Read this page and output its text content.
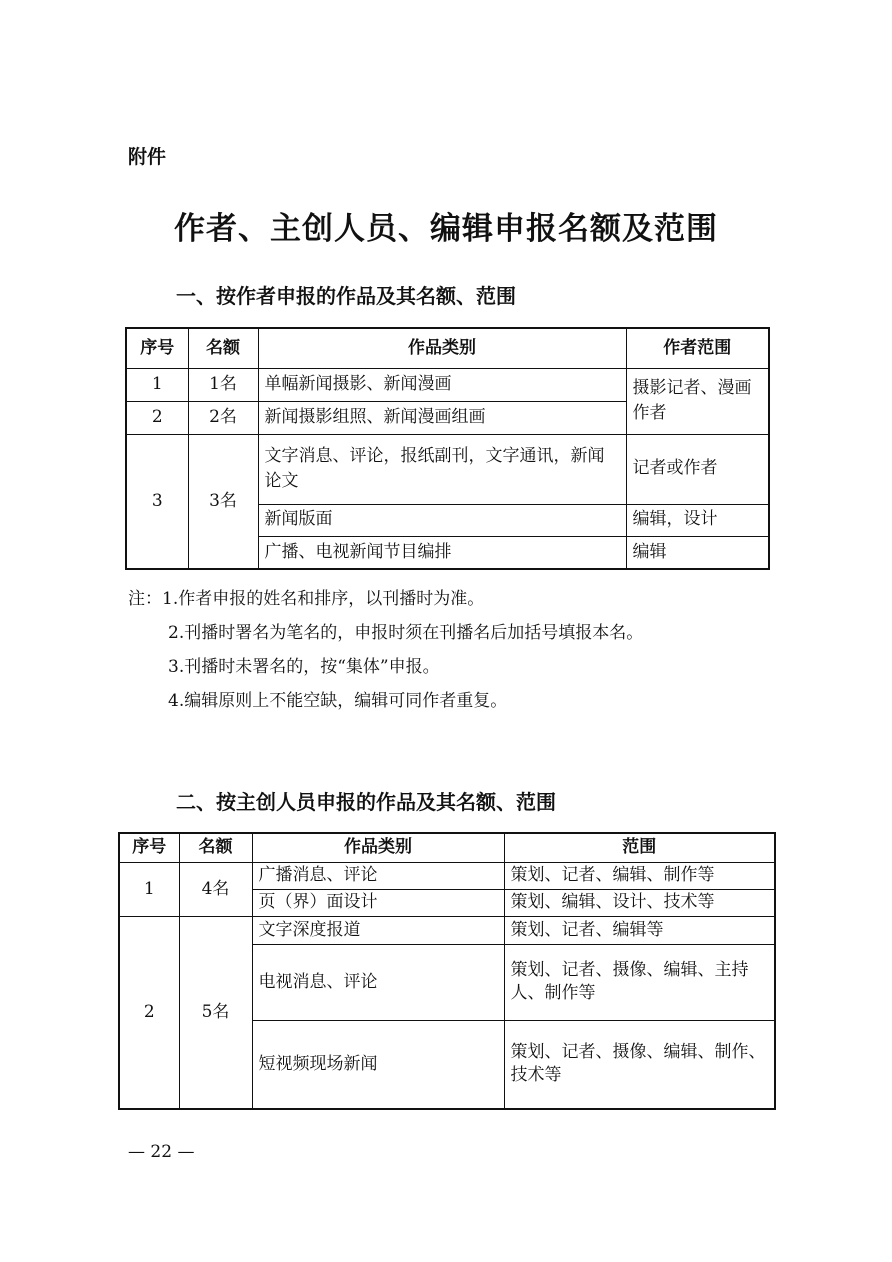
附件
作者、主创人员、编辑申报名额及范围
一、按作者申报的作品及其名额、范围
序号	名额	作品类别	作者范围
1	1名	单幅新闻摄影、新闻漫画	摄影记者、漫画作者
2	2名	新闻摄影组照、新闻漫画组画	
3	3名	文字消息、评论，报纸副刊，文字通讯，新闻论文	记者或作者
		新闻版面	编辑，设计
		广播、电视新闻节目编排	编辑
注：1.作者申报的姓名和排序，以刊播时为准。
2.刊播时署名为笔名的，申报时须在刊播名后加括号填报本名。
3.刊播时未署名的，按“集体”申报。
4.编辑原则上不能空缺，编辑可同作者重复。
二、按主创人员申报的作品及其名额、范围
序号	名额	作品类别	范围
1	4名	广播消息、评论	策划、记者、编辑、制作等
		页（界）面设计	策划、编辑、设计、技术等
2	5名	文字深度报道	策划、记者、编辑等
		电视消息、评论	策划、记者、摄像、编辑、主持人、制作等
		短视频现场新闻	策划、记者、摄像、编辑、制作、技术等
— 22 —
